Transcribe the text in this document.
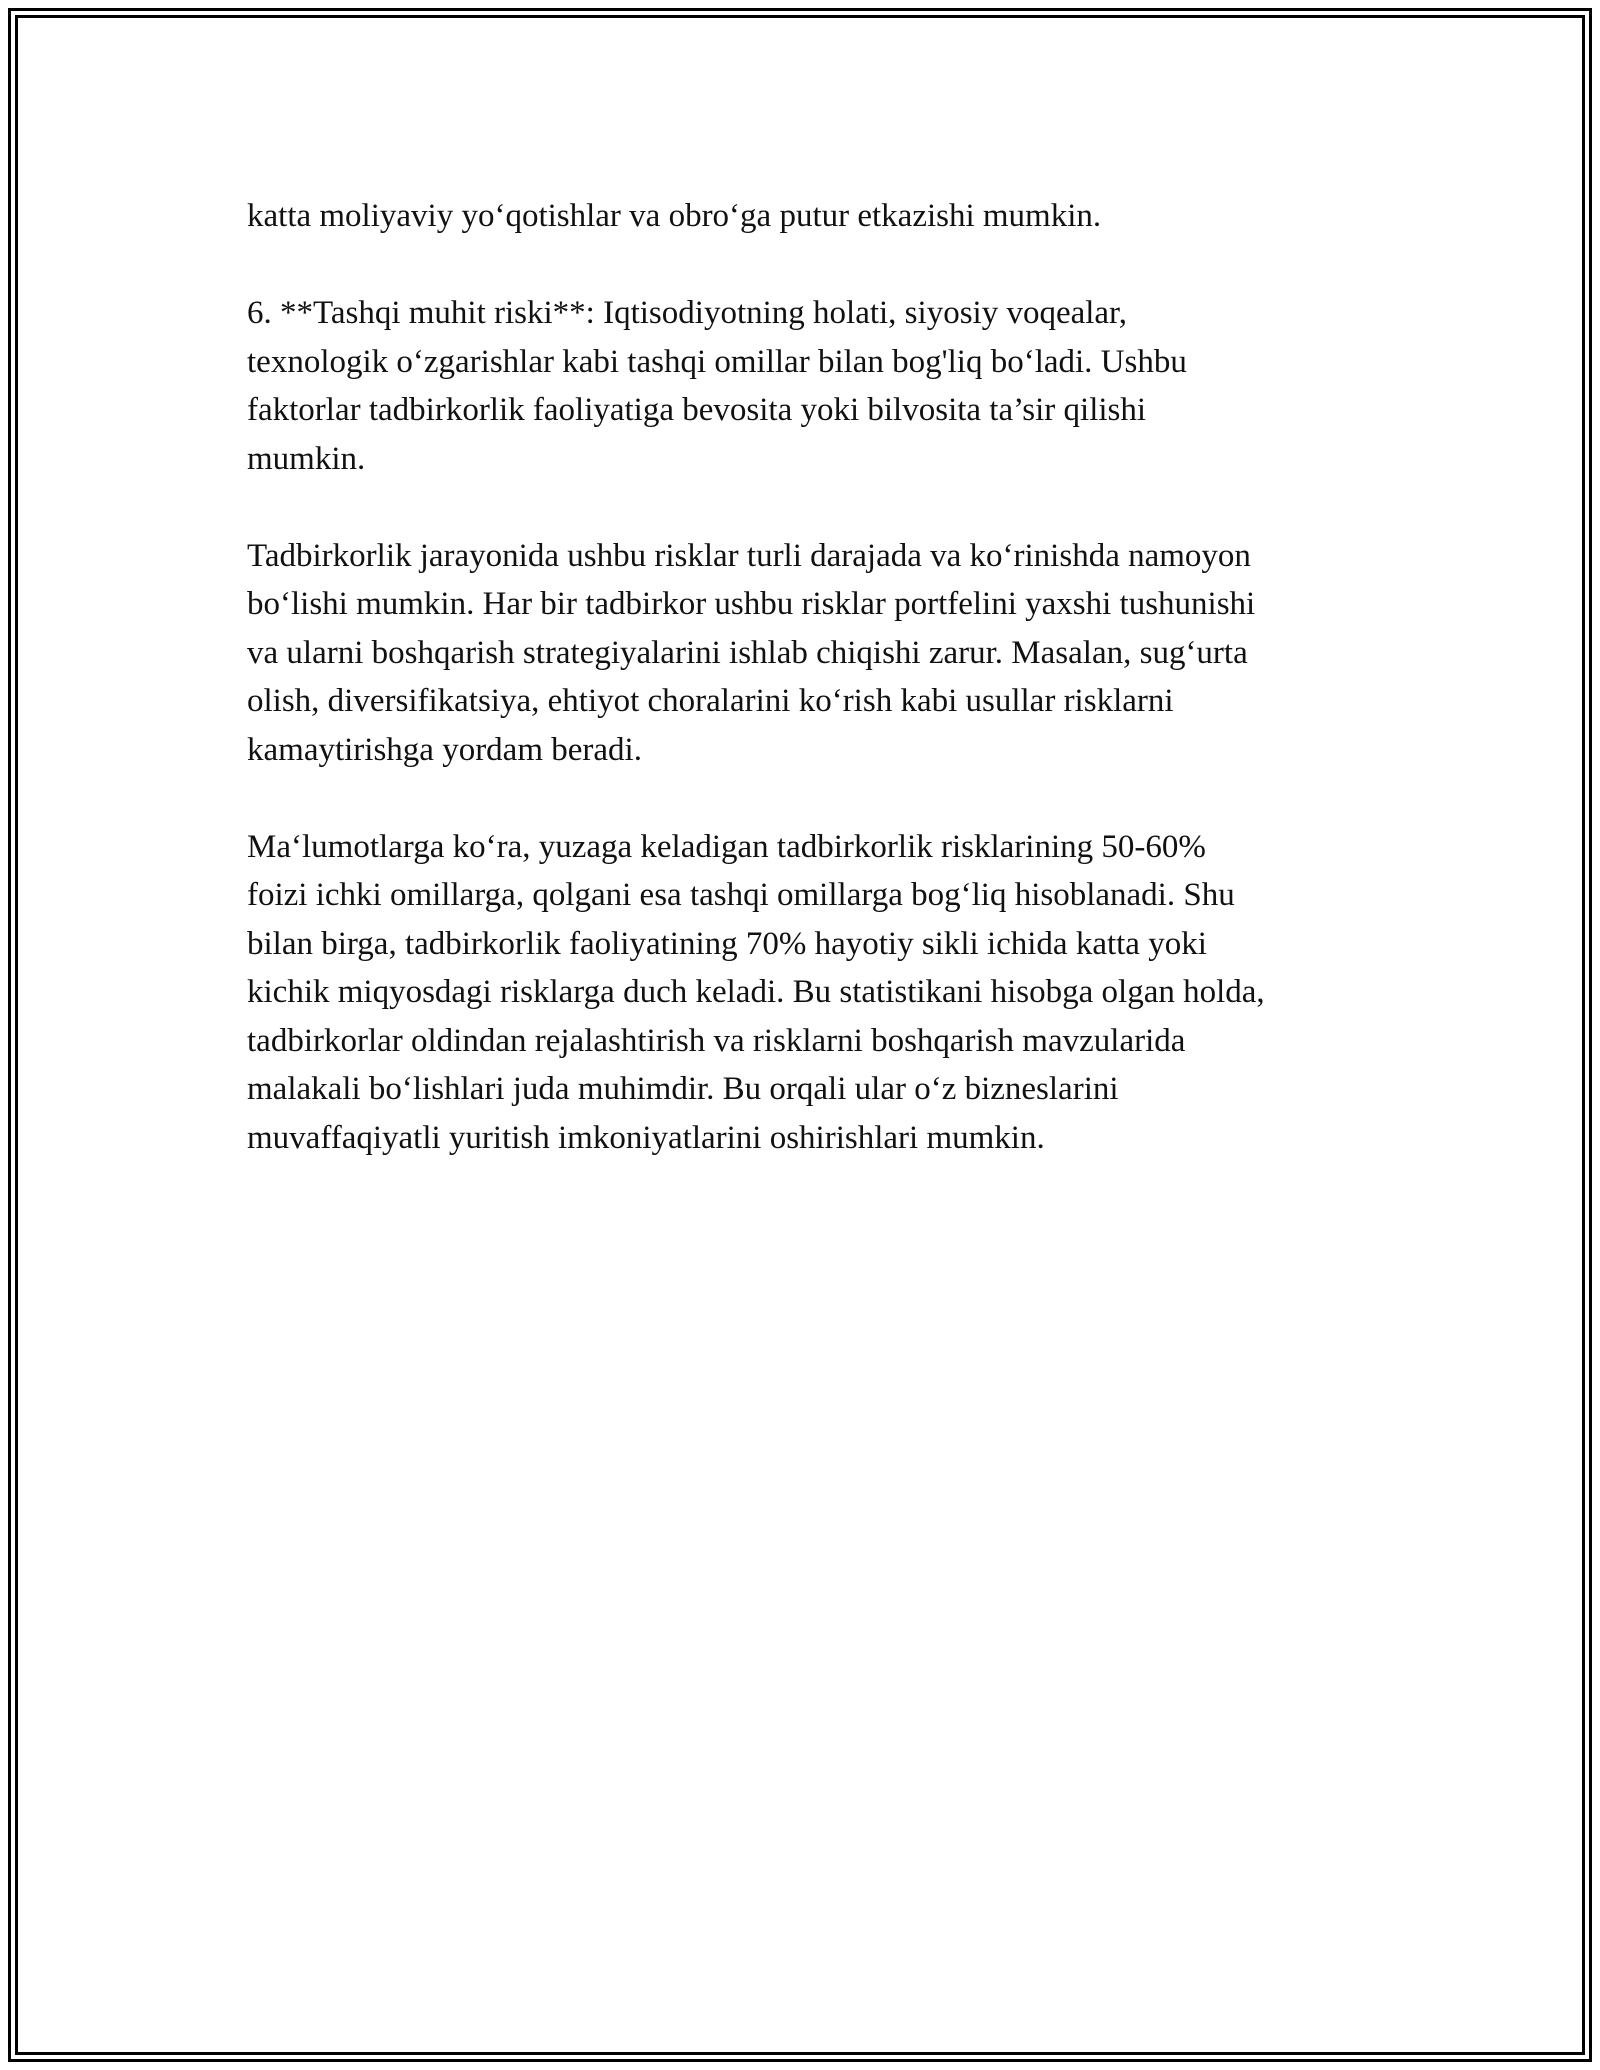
katta moliyaviy yo‘qotishlar va obro‘ga putur etkazishi mumkin.

6. **Tashqi muhit riski**: Iqtisodiyotning holati, siyosiy voqealar,
texnologik o‘zgarishlar kabi tashqi omillar bilan bog'liq bo‘ladi. Ushbu
faktorlar tadbirkorlik faoliyatiga bevosita yoki bilvosita ta’sir qilishi
mumkin.

Tadbirkorlik jarayonida ushbu risklar turli darajada va ko‘rinishda namoyon
bo‘lishi mumkin. Har bir tadbirkor ushbu risklar portfelini yaxshi tushunishi
va ularni boshqarish strategiyalarini ishlab chiqishi zarur. Masalan, sug‘urta
olish, diversifikatsiya, ehtiyot choralarini ko‘rish kabi usullar risklarni
kamaytirishga yordam beradi.

Ma‘lumotlarga ko‘ra, yuzaga keladigan tadbirkorlik risklarining 50-60%
foizi ichki omillarga, qolgani esa tashqi omillarga bog‘liq hisoblanadi. Shu
bilan birga, tadbirkorlik faoliyatining 70% hayotiy sikli ichida katta yoki
kichik miqyosdagi risklarga duch keladi. Bu statistikani hisobga olgan holda,
tadbirkorlar oldindan rejalashtirish va risklarni boshqarish mavzularida
malakali bo‘lishlari juda muhimdir. Bu orqali ular o‘z bizneslarini
muvaffaqiyatli yuritish imkoniyatlarini oshirishlari mumkin.
